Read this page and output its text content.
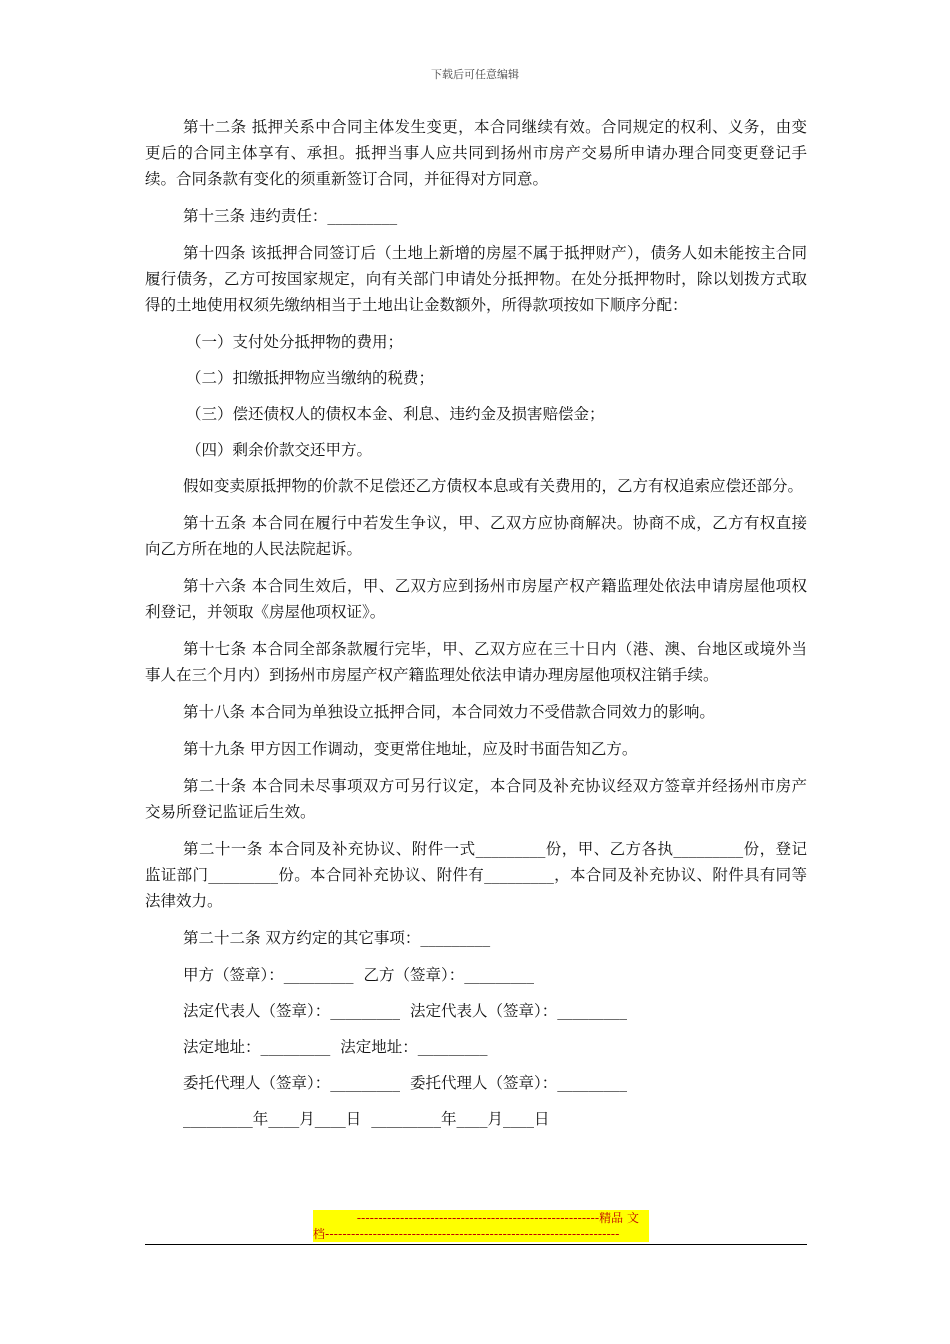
下载后可任意编辑

第十二条 抵押关系中合同主体发生变更，本合同继续有效。合同规定的权利、义务，由变更后的合同主体享有、承担。抵押当事人应共同到扬州市房产交易所申请办理合同变更登记手续。合同条款有变化的须重新签订合同，并征得对方同意。

第十三条 违约责任：_________

第十四条 该抵押合同签订后（土地上新增的房屋不属于抵押财产），债务人如未能按主合同履行债务，乙方可按国家规定，向有关部门申请处分抵押物。在处分抵押物时，除以划拨方式取得的土地使用权须先缴纳相当于土地出让金数额外，所得款项按如下顺序分配：

（一）支付处分抵押物的费用；

（二）扣缴抵押物应当缴纳的税费；

（三）偿还债权人的债权本金、利息、违约金及损害赔偿金；

（四）剩余价款交还甲方。

假如变卖原抵押物的价款不足偿还乙方债权本息或有关费用的，乙方有权追索应偿还部分。

第十五条 本合同在履行中若发生争议，甲、乙双方应协商解决。协商不成，乙方有权直接向乙方所在地的人民法院起诉。

第十六条 本合同生效后，甲、乙双方应到扬州市房屋产权产籍监理处依法申请房屋他项权利登记，并领取《房屋他项权证》。

第十七条 本合同全部条款履行完毕，甲、乙双方应在三十日内（港、澳、台地区或境外当事人在三个月内）到扬州市房屋产权产籍监理处依法申请办理房屋他项权注销手续。

第十八条 本合同为单独设立抵押合同，本合同效力不受借款合同效力的影响。

第十九条 甲方因工作调动，变更常住地址，应及时书面告知乙方。

第二十条 本合同未尽事项双方可另行议定，本合同及补充协议经双方签章并经扬州市房产交易所登记监证后生效。

第二十一条 本合同及补充协议、附件一式_________份，甲、乙方各执_________份，登记监证部门_________份。本合同补充协议、附件有_________，本合同及补充协议、附件具有同等法律效力。

第二十二条 双方约定的其它事项：_________

甲方（签章）：_________ 乙方（签章）：_________

法定代表人（签章）：_________ 法定代表人（签章）：_________

法定地址：_________ 法定地址：_________

委托代理人（签章）：_________ 委托代理人（签章）：_________

_________年____月____日 _________年____月____日

--------------------------------------------------------精品 文
档--------------------------------------------------------------------
